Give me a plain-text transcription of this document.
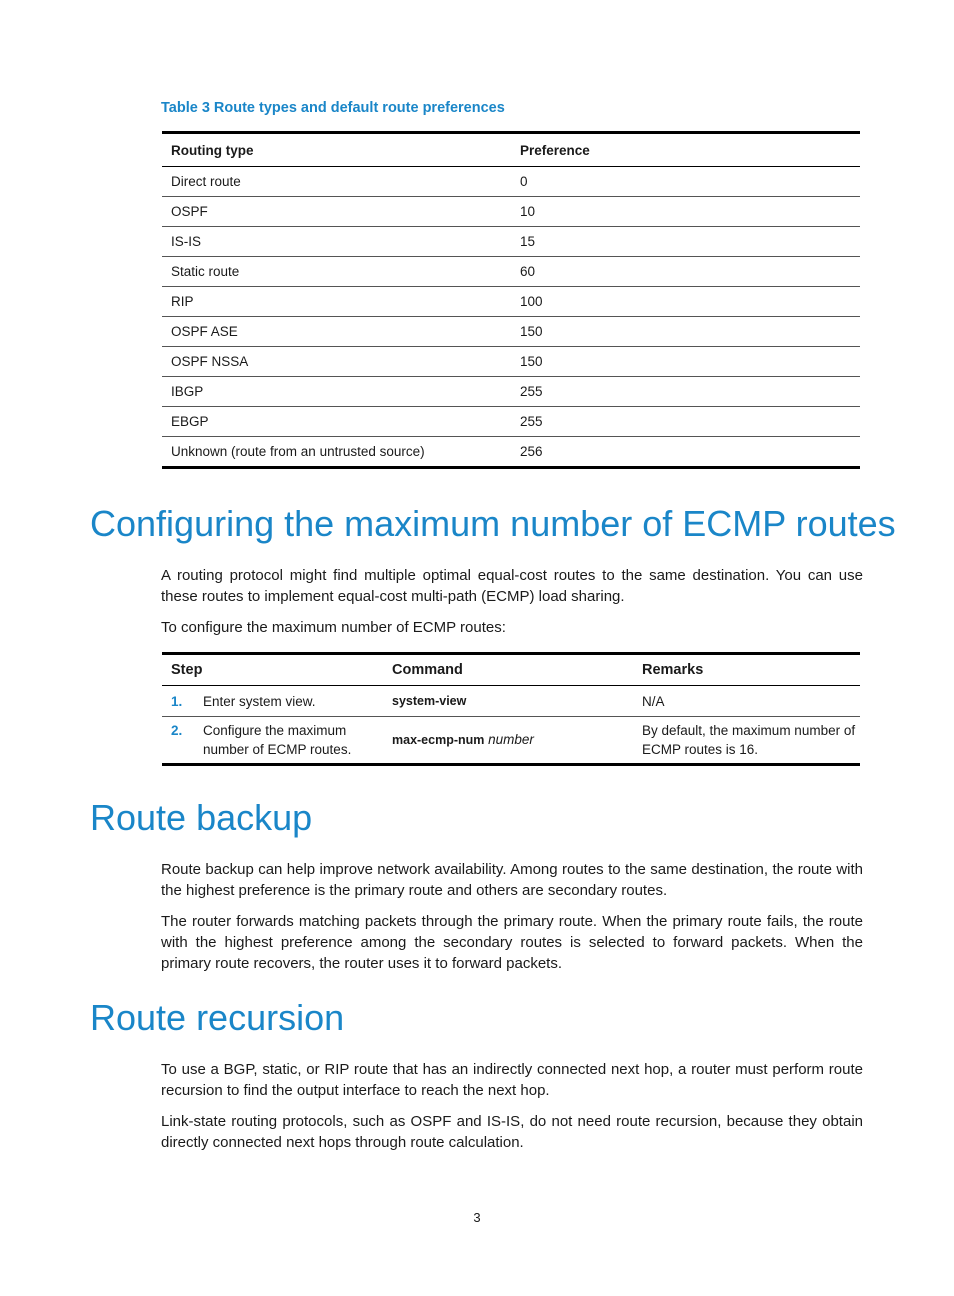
Table 3 Route types and default route preferences
Routing type	Preference
Direct route	0
OSPF	10
IS-IS	15
Static route	60
RIP	100
OSPF ASE	150
OSPF NSSA	150
IBGP	255
EBGP	255
Unknown (route from an untrusted source)	256
Configuring the maximum number of ECMP routes

A routing protocol might find multiple optimal equal-cost routes to the same destination. You can use these routes to implement equal-cost multi-path (ECMP) load sharing.

To configure the maximum number of ECMP routes:

Step	Command	Remarks

1. Enter system view.	system-view	N/A

2. Configure the maximum number of ECMP routes.	max-ecmp-num number	By default, the maximum number of ECMP routes is 16.
Route backup

Route backup can help improve network availability. Among routes to the same destination, the route with the highest preference is the primary route and others are secondary routes.

The router forwards matching packets through the primary route. When the primary route fails, the route with the highest preference among the secondary routes is selected to forward packets. When the primary route recovers, the router uses it to forward packets.

Route recursion

To use a BGP, static, or RIP route that has an indirectly connected next hop, a router must perform route recursion to find the output interface to reach the next hop.

Link-state routing protocols, such as OSPF and IS-IS, do not need route recursion, because they obtain directly connected next hops through route calculation.

3
